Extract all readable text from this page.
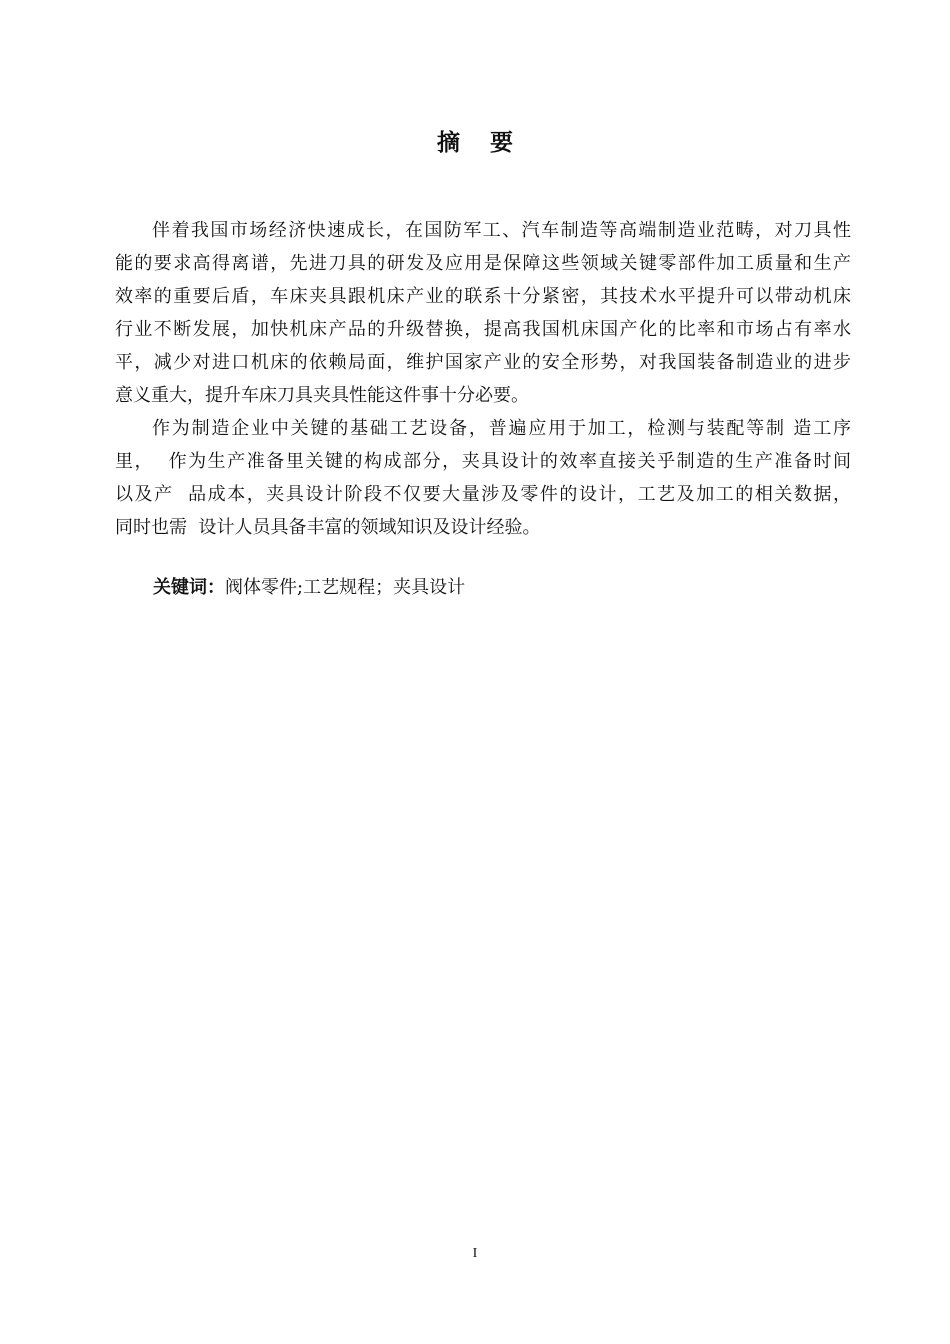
摘 要
伴着我国市场经济快速成长，在国防军工、汽车制造等高端制造业范畴，对刀具性
能的要求高得离谱，先进刀具的研发及应用是保障这些领域关键零部件加工质量和生产
效率的重要后盾，车床夹具跟机床产业的联系十分紧密，其技术水平提升可以带动机床
行业不断发展，加快机床产品的升级替换，提高我国机床国产化的比率和市场占有率水
平，减少对进口机床的依赖局面，维护国家产业的安全形势，对我国装备制造业的进步
意义重大，提升车床刀具夹具性能这件事十分必要。
作为制造企业中关键的基础工艺设备，普遍应用于加工，检测与装配等制 造工序
里，  作为生产准备里关键的构成部分，夹具设计的效率直接关乎制造的生产准备时间
以及产  品成本，夹具设计阶段不仅要大量涉及零件的设计，工艺及加工的相关数据，
同时也需  设计人员具备丰富的领域知识及设计经验。
关键词：阀体零件;工艺规程；夹具设计
I
